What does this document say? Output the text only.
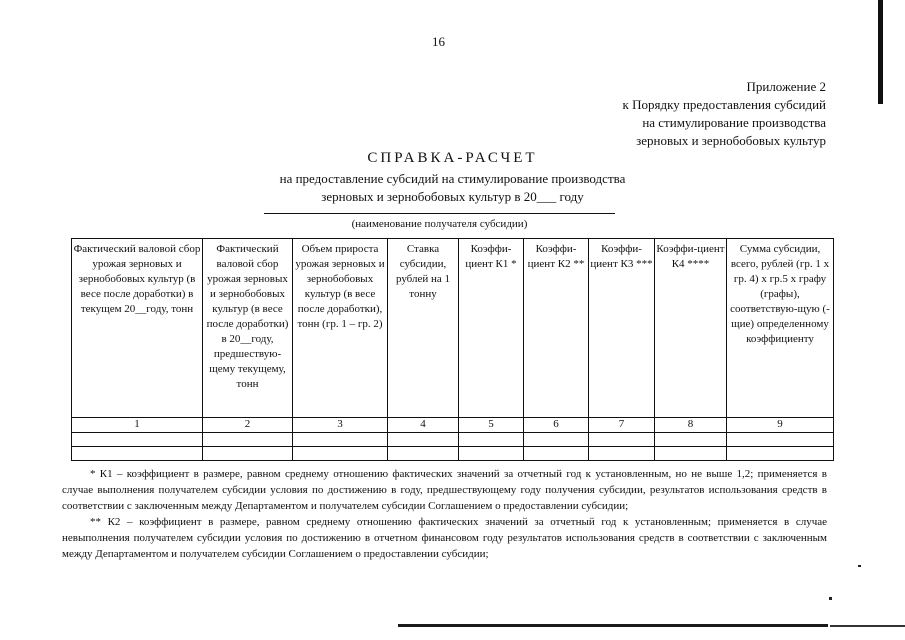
16
Приложение 2
к Порядку предоставления субсидий
на стимулирование производства
зерновых и зернобобовых культур
СПРАВКА-РАСЧЕТ
на предоставление субсидий на стимулирование производства
зерновых и зернобобовых культур в 20___ году
(наименование получателя субсидии)
Фактический валовой сбор урожая зерновых и зернобобовых культур (в весе после доработки) в текущем 20__году, тонн	Фактический валовой сбор урожая зерновых и зернобобовых культур (в весе после доработки) в 20__году, предшествую-щему текущему, тонн	Объем прироста урожая зерновых и зернобобовых культур (в весе после доработки), тонн (гр. 1 – гр. 2)	Ставка субсидии, рублей на 1 тонну	Коэффи-циент К1 *	Коэффи-циент К2 **	Коэффи-циент К3 ***	Коэффи-циент К4 ****	Сумма субсидии, всего, рублей (гр. 1 х гр. 4) х гр.5 х графу (графы), соответствую-щую (-щие) определенному коэффициенту
1	2	3	4	5	6	7	8	9

* К1 – коэффициент в размере, равном среднему отношению фактических значений за отчетный год к установленным, но не выше 1,2; применяется в случае выполнения получателем субсидии условия по достижению в году, предшествующему году получения субсидии, результатов использования средств в соответствии с заключенным между Департаментом и получателем субсидии Соглашением о предоставлении субсидии;

** К2 – коэффициент в размере, равном среднему отношению фактических значений за отчетный год к установленным; применяется в случае невыполнения получателем субсидии условия по достижению в отчетном финансовом году результатов использования средств в соответствии с заключенным между Департаментом и получателем субсидии Соглашением о предоставлении субсидии;
